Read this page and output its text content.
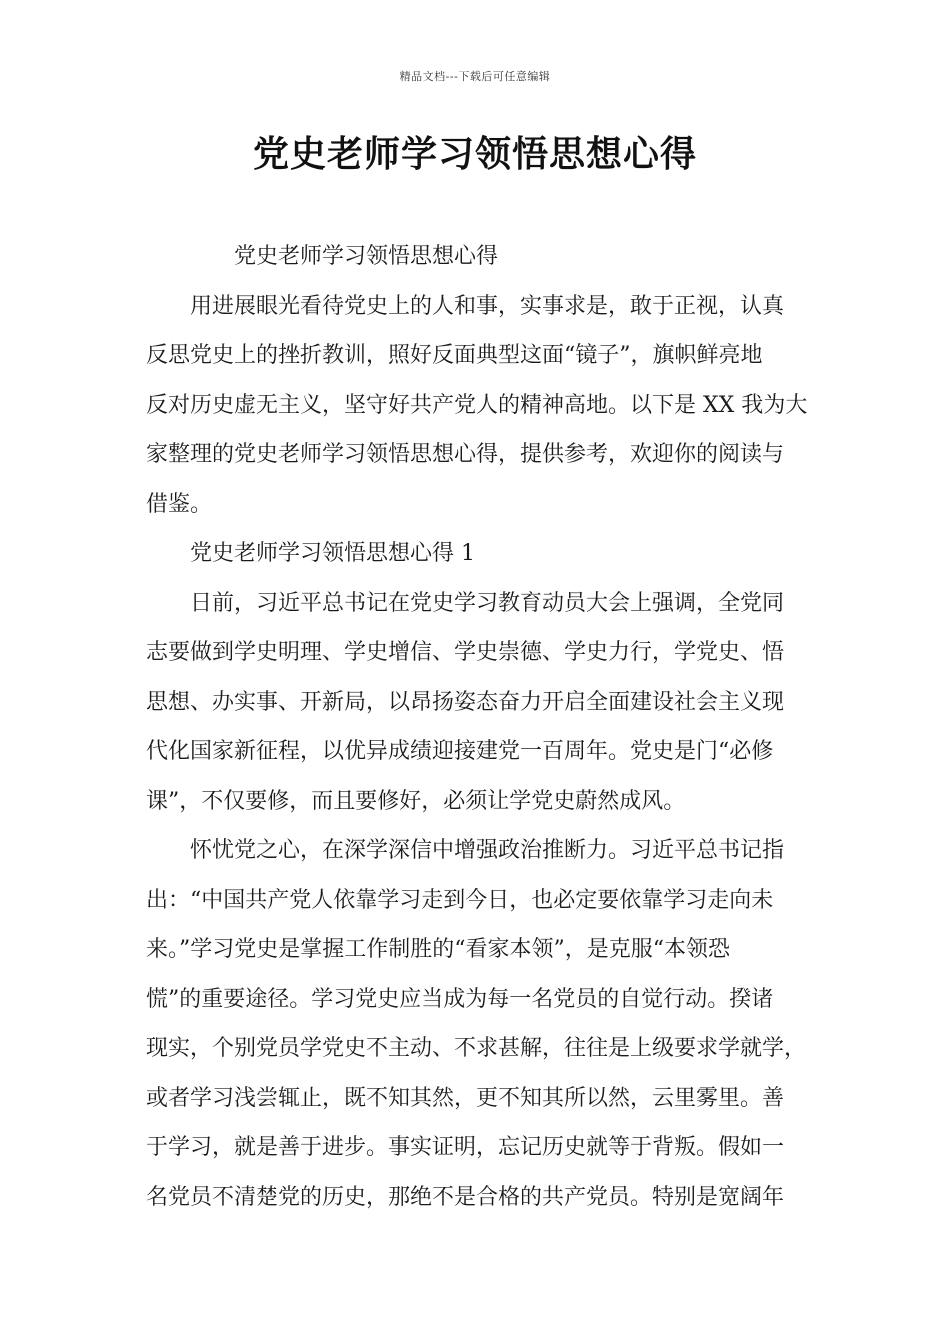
精品文档---下载后可任意编辑
党史老师学习领悟思想心得

党史老师学习领悟思想心得

用进展眼光看待党史上的人和事，实事求是，敢于正视，认真
反思党史上的挫折教训，照好反面典型这面“镜子”，旗帜鲜亮地
反对历史虚无主义，坚守好共产党人的精神高地。以下是 XX 我为大
家整理的党史老师学习领悟思想心得，提供参考，欢迎你的阅读与
借鉴。

党史老师学习领悟思想心得 1

日前，习近平总书记在党史学习教育动员大会上强调，全党同
志要做到学史明理、学史增信、学史崇德、学史力行，学党史、悟
思想、办实事、开新局，以昂扬姿态奋力开启全面建设社会主义现
代化国家新征程，以优异成绩迎接建党一百周年。党史是门“必修
课”，不仅要修，而且要修好，必须让学党史蔚然成风。
怀忧党之心，在深学深信中增强政治推断力。习近平总书记指
出：“中国共产党人依靠学习走到今日，也必定要依靠学习走向未
来。”学习党史是掌握工作制胜的“看家本领”，是克服“本领恐
慌”的重要途径。学习党史应当成为每一名党员的自觉行动。揆诸
现实，个别党员学党史不主动、不求甚解，往往是上级要求学就学，
或者学习浅尝辄止，既不知其然，更不知其所以然，云里雾里。善
于学习，就是善于进步。事实证明，忘记历史就等于背叛。假如一
名党员不清楚党的历史，那绝不是合格的共产党员。特别是宽阔年
